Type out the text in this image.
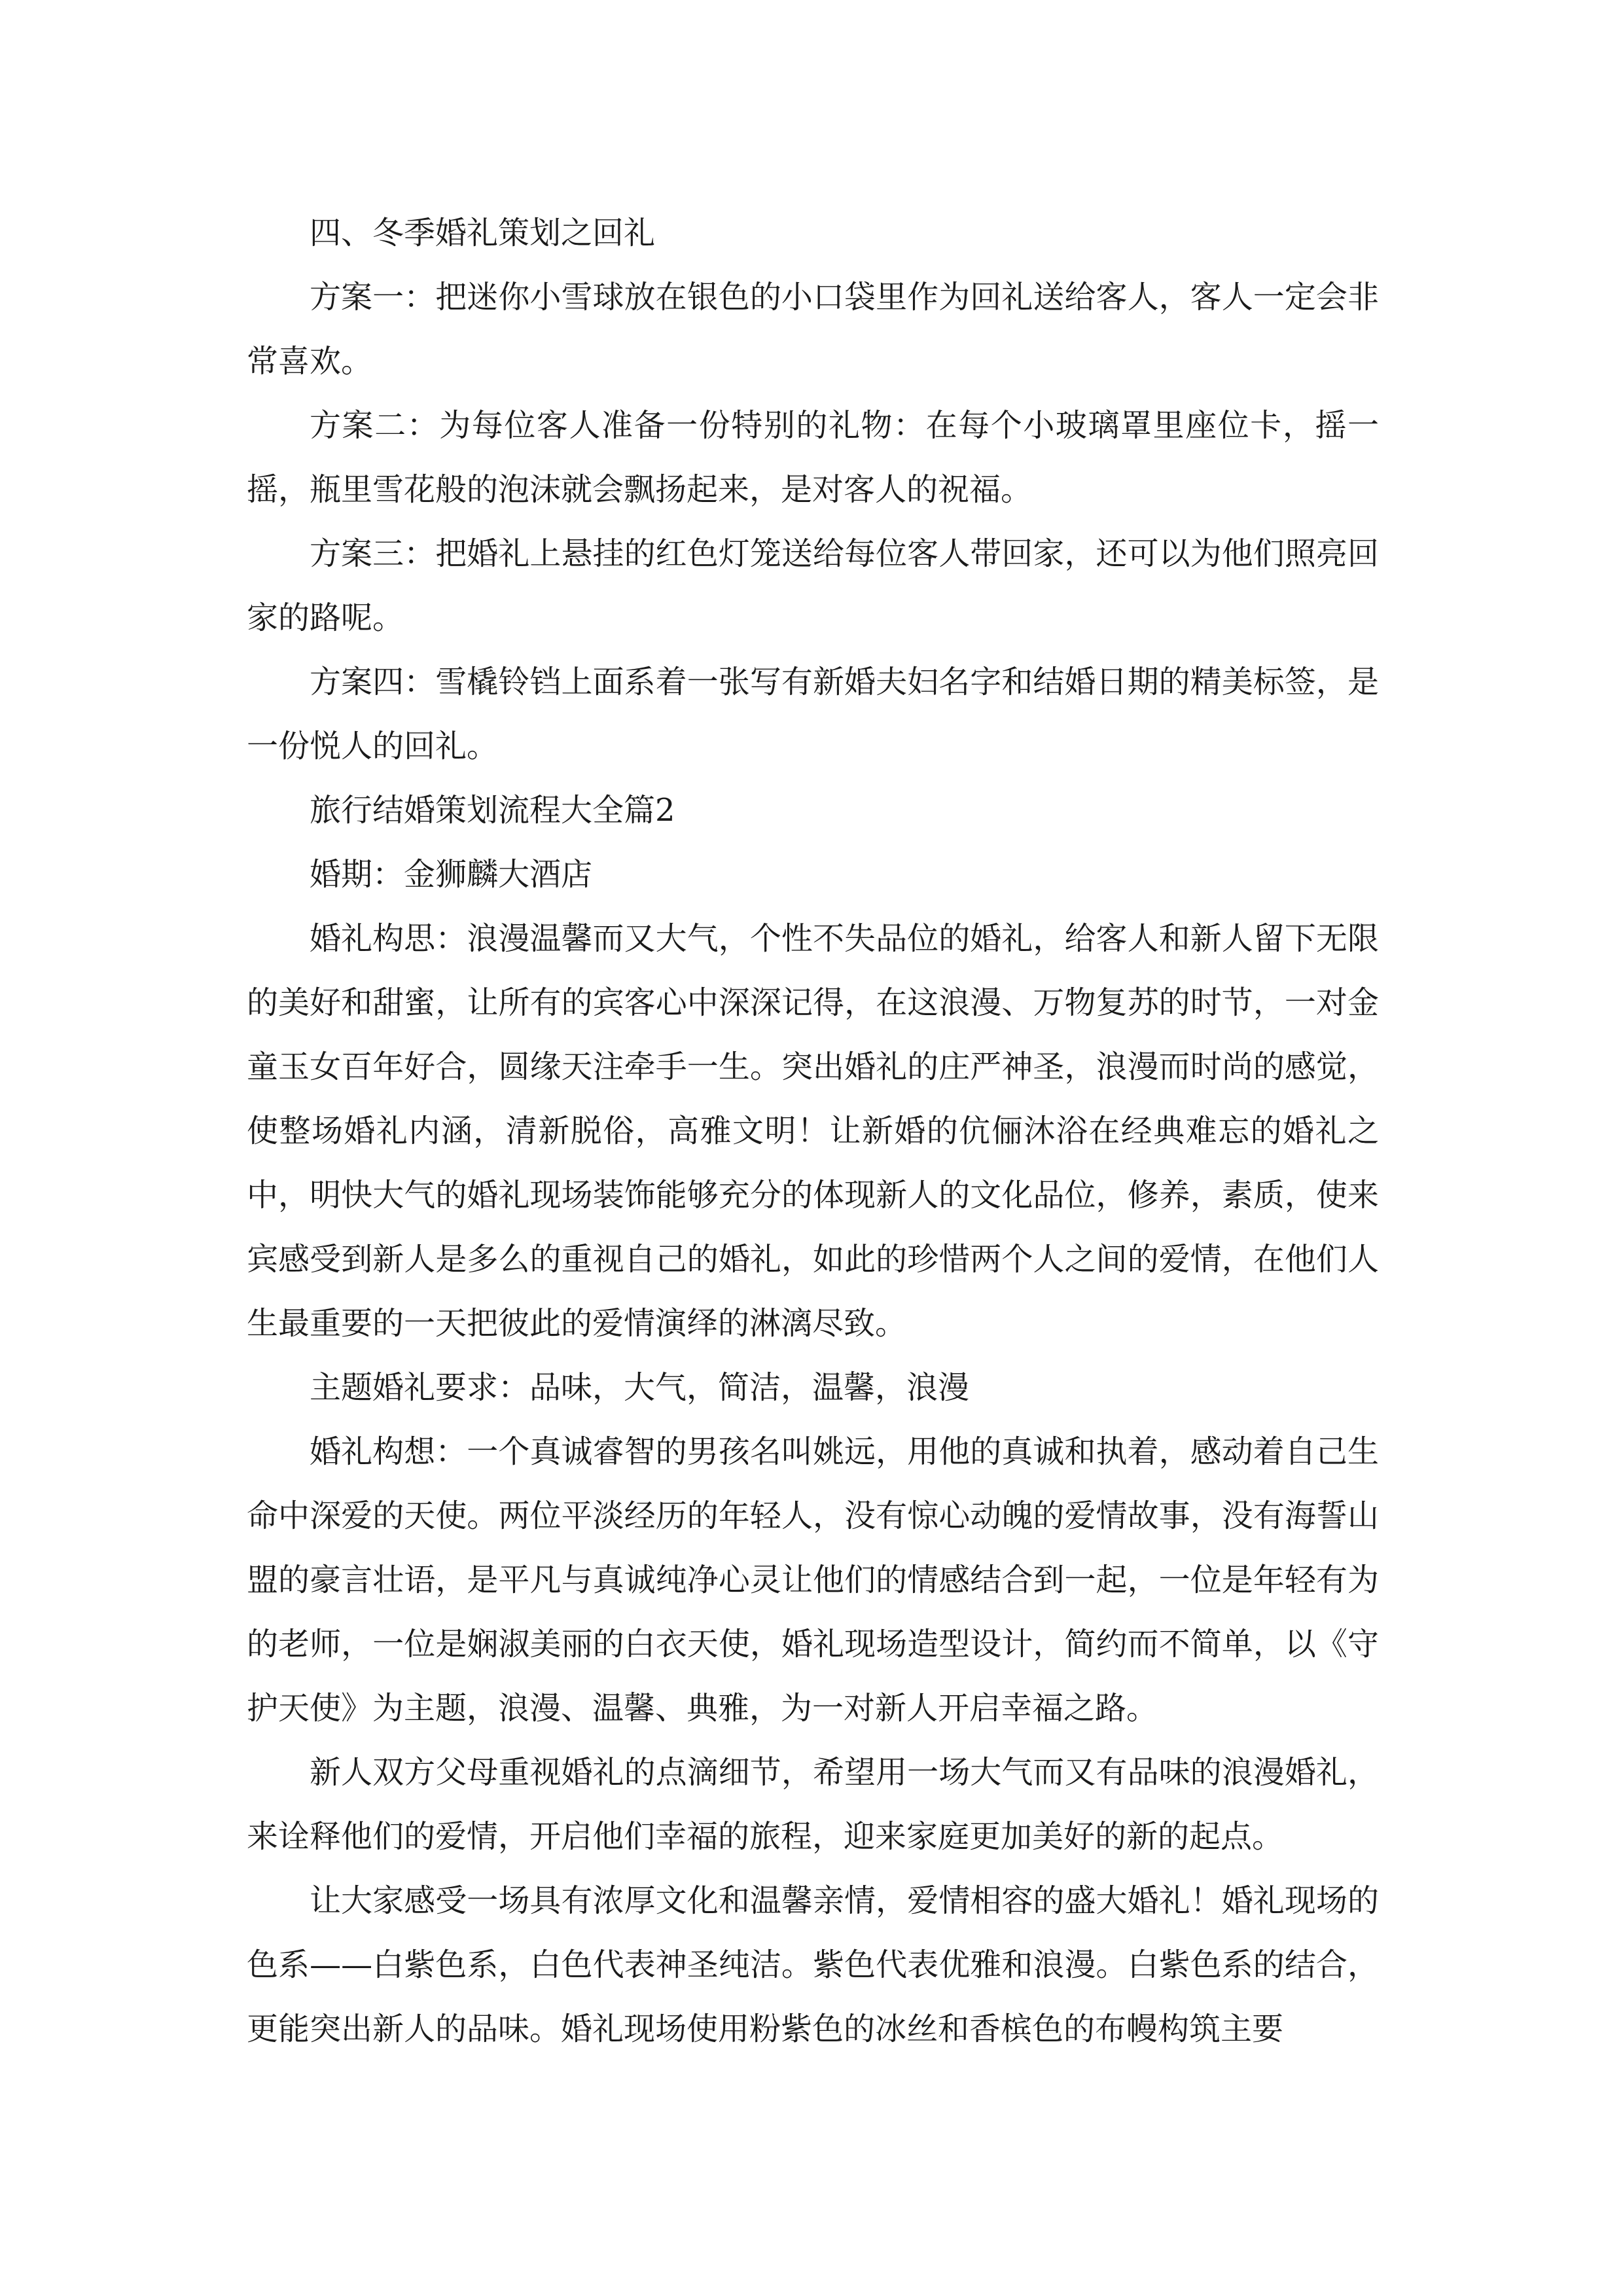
四、冬季婚礼策划之回礼

方案一：把迷你小雪球放在银色的小口袋里作为回礼送给客人，客人一定会非常喜欢。

方案二：为每位客人准备一份特别的礼物：在每个小玻璃罩里座位卡，摇一摇，瓶里雪花般的泡沫就会飘扬起来，是对客人的祝福。

方案三：把婚礼上悬挂的红色灯笼送给每位客人带回家，还可以为他们照亮回家的路呢。

方案四：雪橇铃铛上面系着一张写有新婚夫妇名字和结婚日期的精美标签，是一份悦人的回礼。

旅行结婚策划流程大全篇2

婚期：金狮麟大酒店

婚礼构思：浪漫温馨而又大气，个性不失品位的婚礼，给客人和新人留下无限的美好和甜蜜，让所有的宾客心中深深记得，在这浪漫、万物复苏的时节，一对金童玉女百年好合，圆缘天注牵手一生。突出婚礼的庄严神圣，浪漫而时尚的感觉，使整场婚礼内涵，清新脱俗，高雅文明！让新婚的伉俪沐浴在经典难忘的婚礼之中，明快大气的婚礼现场装饰能够充分的体现新人的文化品位，修养，素质，使来宾感受到新人是多么的重视自己的婚礼，如此的珍惜两个人之间的爱情，在他们人生最重要的一天把彼此的爱情演绎的淋漓尽致。

主题婚礼要求：品味，大气，简洁，温馨，浪漫

婚礼构想：一个真诚睿智的男孩名叫姚远，用他的真诚和执着，感动着自己生命中深爱的天使。两位平淡经历的年轻人，没有惊心动魄的爱情故事，没有海誓山盟的豪言壮语，是平凡与真诚纯净心灵让他们的情感结合到一起，一位是年轻有为的老师，一位是娴淑美丽的白衣天使，婚礼现场造型设计，简约而不简单，以《守护天使》为主题，浪漫、温馨、典雅，为一对新人开启幸福之路。

新人双方父母重视婚礼的点滴细节，希望用一场大气而又有品味的浪漫婚礼，来诠释他们的爱情，开启他们幸福的旅程，迎来家庭更加美好的新的起点。

让大家感受一场具有浓厚文化和温馨亲情，爱情相容的盛大婚礼！婚礼现场的色系——白紫色系，白色代表神圣纯洁。紫色代表优雅和浪漫。白紫色系的结合，更能突出新人的品味。婚礼现场使用粉紫色的冰丝和香槟色的布幔构筑主要
